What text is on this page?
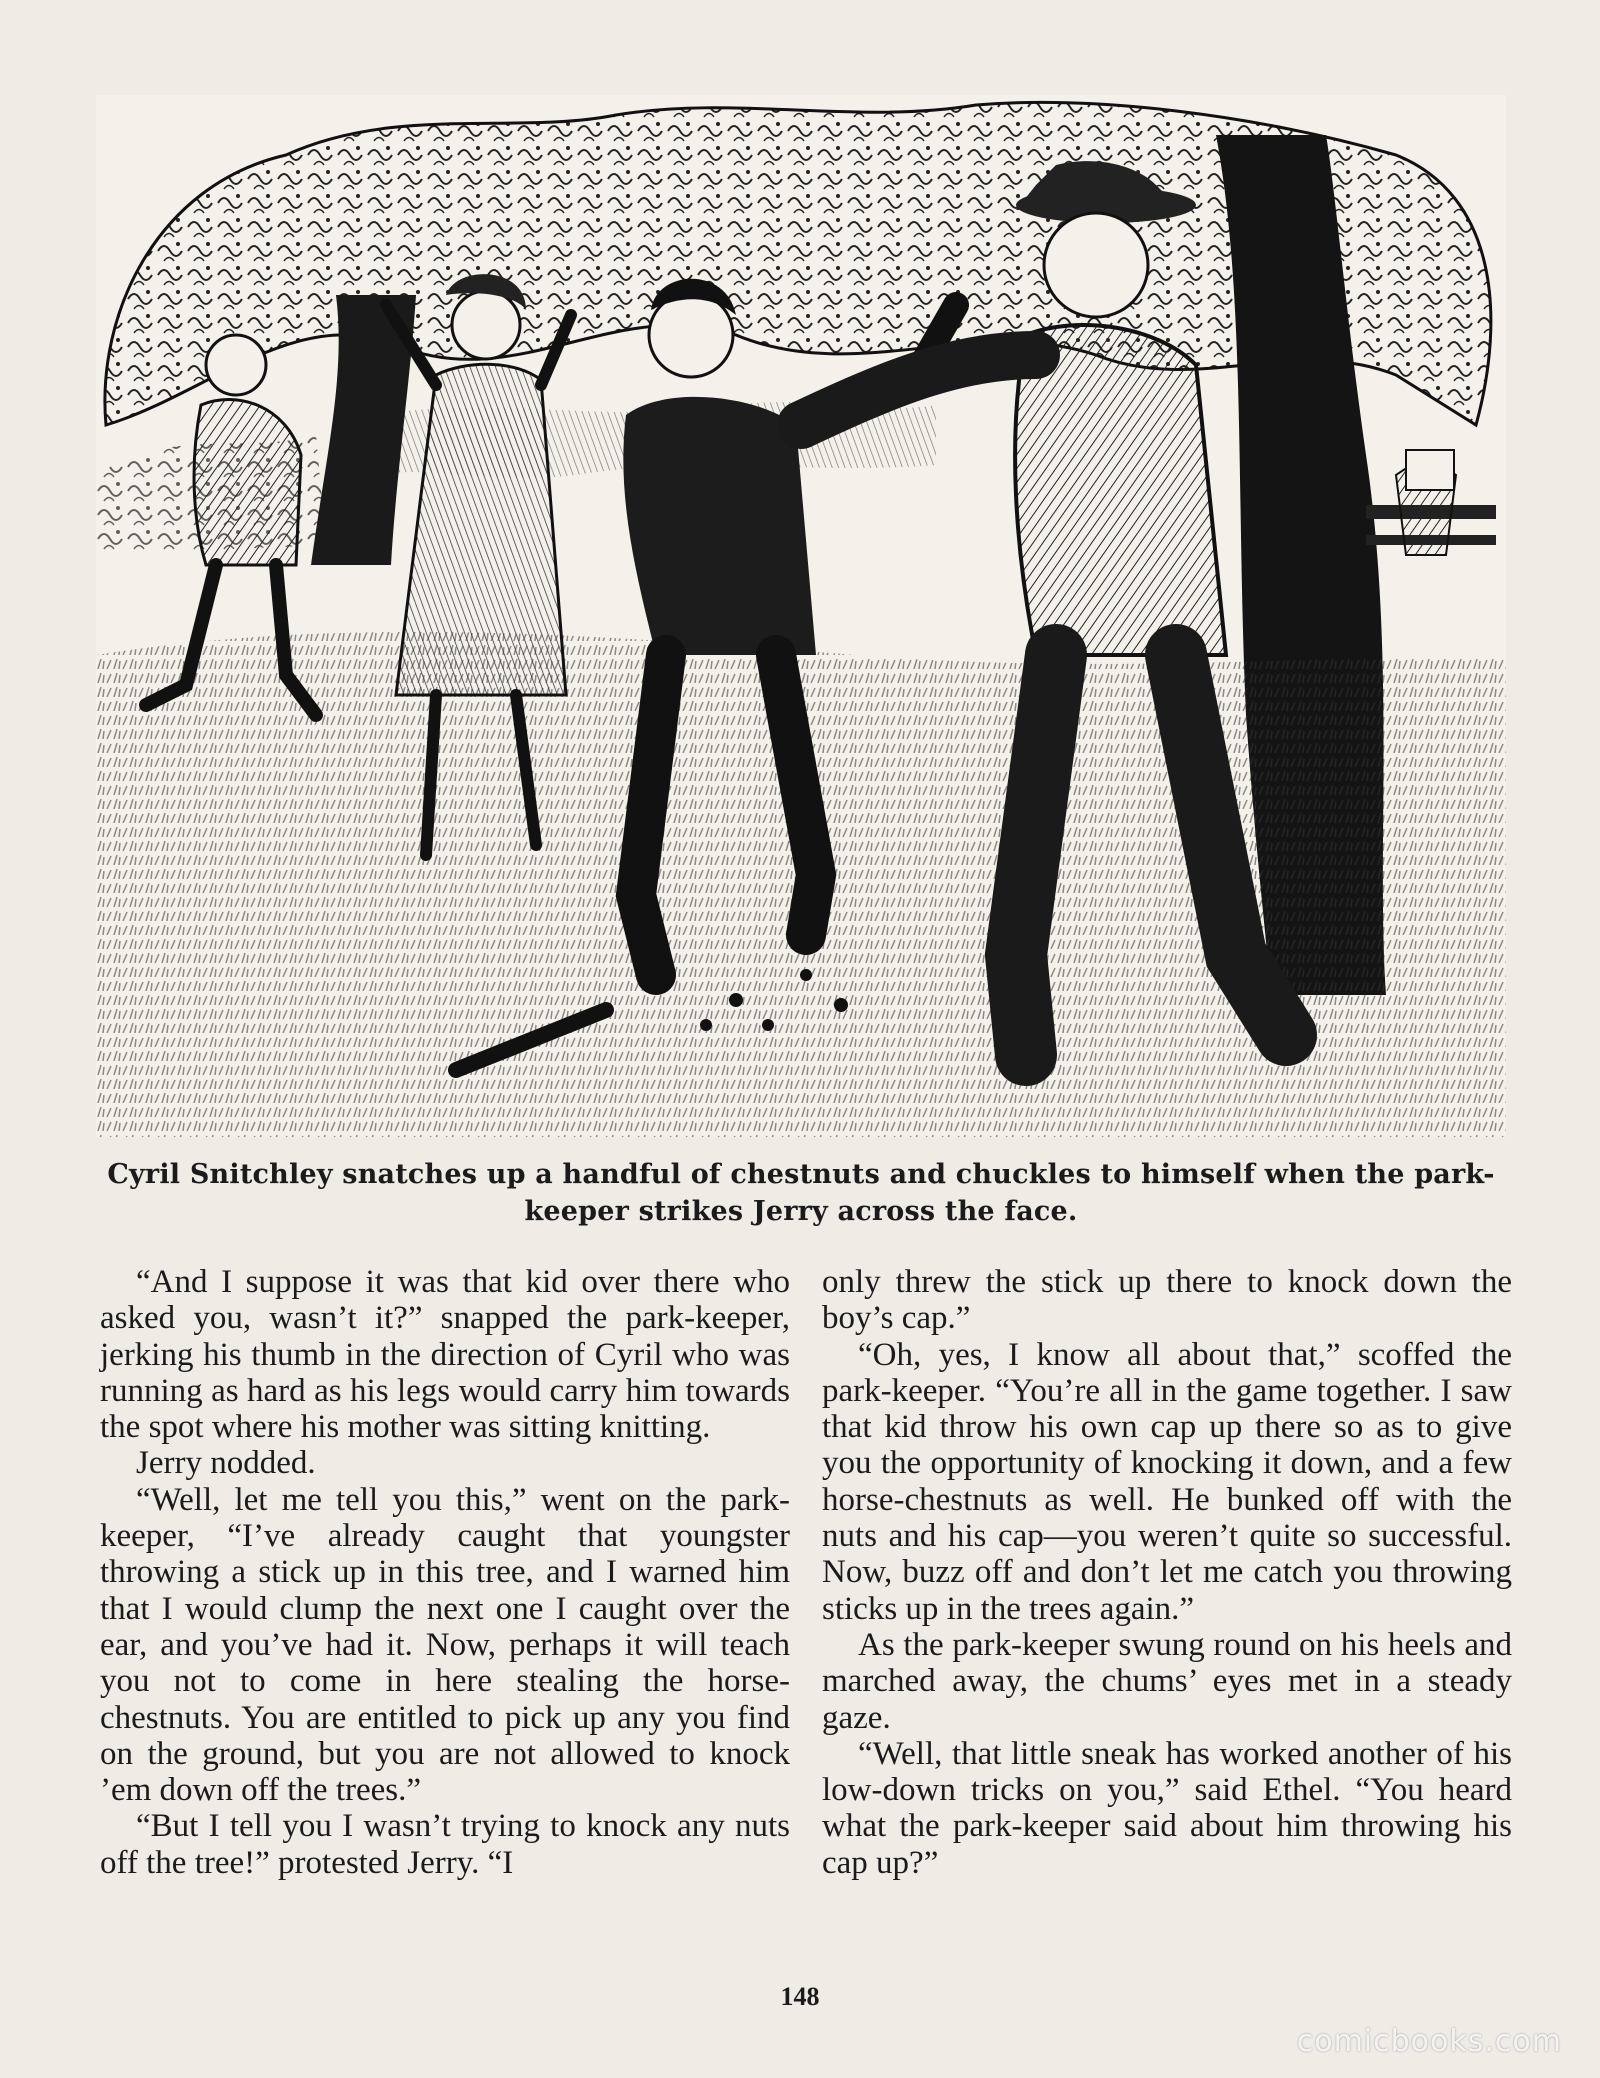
Cyril Snitchley snatches up a handful of chestnuts and chuckles to himself when the park-keeper strikes Jerry across the face.

“And I suppose it was that kid over there who asked you, wasn’t it?” snapped the park-keeper, jerking his thumb in the direction of Cyril who was running as hard as his legs would carry him towards the spot where his mother was sitting knitting.

Jerry nodded.

“Well, let me tell you this,” went on the park-keeper, “I’ve already caught that youngster throwing a stick up in this tree, and I warned him that I would clump the next one I caught over the ear, and you’ve had it. Now, perhaps it will teach you not to come in here stealing the horse-chestnuts. You are entitled to pick up any you find on the ground, but you are not allowed to knock ’em down off the trees.”

“But I tell you I wasn’t trying to knock any nuts off the tree!” protested Jerry. “I

only threw the stick up there to knock down the boy’s cap.”

“Oh, yes, I know all about that,” scoffed the park-keeper. “You’re all in the game together. I saw that kid throw his own cap up there so as to give you the opportunity of knocking it down, and a few horse-chestnuts as well. He bunked off with the nuts and his cap—you weren’t quite so successful. Now, buzz off and don’t let me catch you throwing sticks up in the trees again.”

As the park-keeper swung round on his heels and marched away, the chums’ eyes met in a steady gaze.

“Well, that little sneak has worked another of his low-down tricks on you,” said Ethel. “You heard what the park-keeper said about him throwing his cap up?”

148
comicbooks.com
